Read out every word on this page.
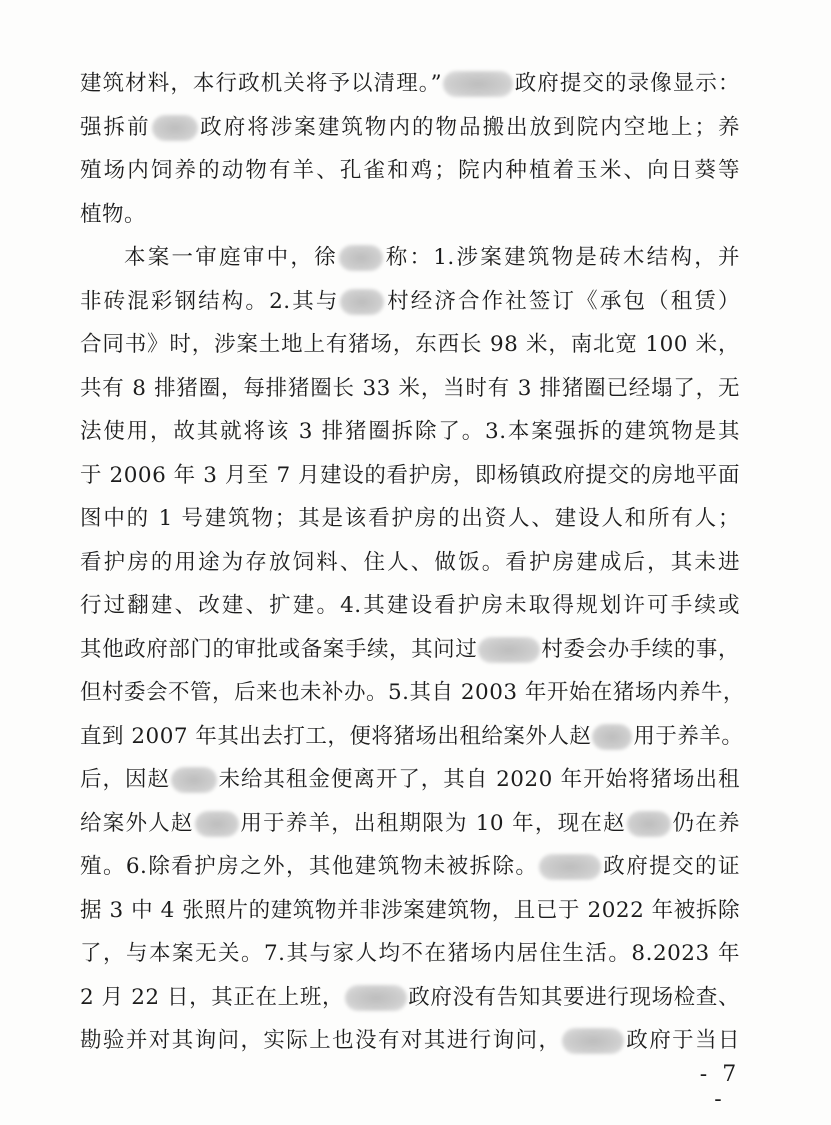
建筑材料，本行政机关将予以清理。”	政府提交的录像显示：
强拆前 政府将涉案建筑物内的物品搬出放到院内空地上；养
殖场内饲养的动物有羊、孔雀和鸡；院内种植着玉米、向日葵等
植物。
本案一审庭审中，徐 称：1.涉案建筑物是砖木结构，并
非砖混彩钢结构。2.其与 村经济合作社签订《承包（租赁）
合同书》时，涉案土地上有猪场，东西长 98 米，南北宽 100 米，
共有 8 排猪圈，每排猪圈长 33 米，当时有 3 排猪圈已经塌了，无
法使用，故其就将该 3 排猪圈拆除了。3.本案强拆的建筑物是其
于 2006 年 3 月至 7 月建设的看护房，即杨镇政府提交的房地平面
图中的 1 号建筑物；其是该看护房的出资人、建设人和所有人；
看护房的用途为存放饲料、住人、做饭。看护房建成后，其未进
行过翻建、改建、扩建。4.其建设看护房未取得规划许可手续或
其他政府部门的审批或备案手续，其问过	村委会办手续的事，
但村委会不管，后来也未补办。5.其自 2003 年开始在猪场内养牛，
直到 2007 年其出去打工，便将猪场出租给案外人赵 用于养羊。
后，因赵 未给其租金便离开了，其自 2020 年开始将猪场出租
给案外人赵 用于养羊，出租期限为 10 年，现在赵 仍在养
殖。6.除看护房之外，其他建筑物未被拆除。	政府提交的证
据 3 中 4 张照片的建筑物并非涉案建筑物，且已于 2022 年被拆除
了，与本案无关。7.其与家人均不在猪场内居住生活。8.2023 年
2 月 22 日，其正在上班，	政府没有告知其要进行现场检查、
勘验并对其询问，实际上也没有对其进行询问，	政府于当日
- 7 -
